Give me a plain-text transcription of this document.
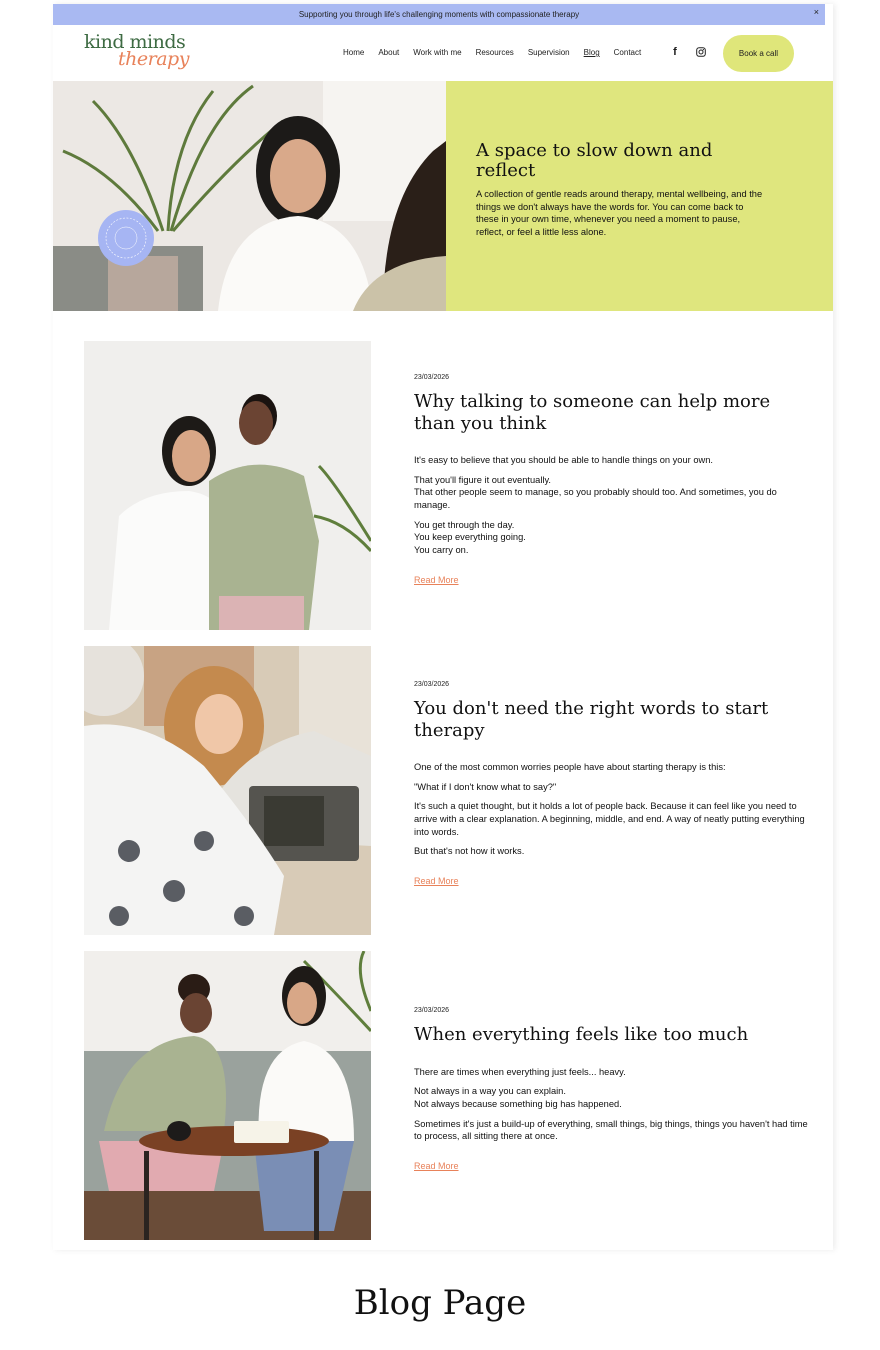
Supporting you through life's challenging moments with compassionate therapy	×
kind minds
therapy	Home About Work with me Resources Supervision Blog Contact	f	Book a call
A space to slow down and reflect
A collection of gentle reads around therapy, mental wellbeing, and the things we don't always have the words for. You can come back to these in your own time, whenever you need a moment to pause, reflect, or feel a little less alone.
23/03/2026
Why talking to someone can help more than you think
It's easy to believe that you should be able to handle things on your own.
That you'll figure it out eventually.
That other people seem to manage, so you probably should too. And sometimes, you do manage.
You get through the day.
You keep everything going.
You carry on.
Read More
23/03/2026
You don't need the right words to start therapy
One of the most common worries people have about starting therapy is this:
"What if I don't know what to say?"
It's such a quiet thought, but it holds a lot of people back. Because it can feel like you need to arrive with a clear explanation. A beginning, middle, and end. A way of neatly putting everything into words.
But that's not how it works.
Read More
23/03/2026
When everything feels like too much
There are times when everything just feels... heavy.
Not always in a way you can explain.
Not always because something big has happened.
Sometimes it's just a build-up of everything, small things, big things, things you haven't had time to process, all sitting there at once.
Read More
Blog Page
